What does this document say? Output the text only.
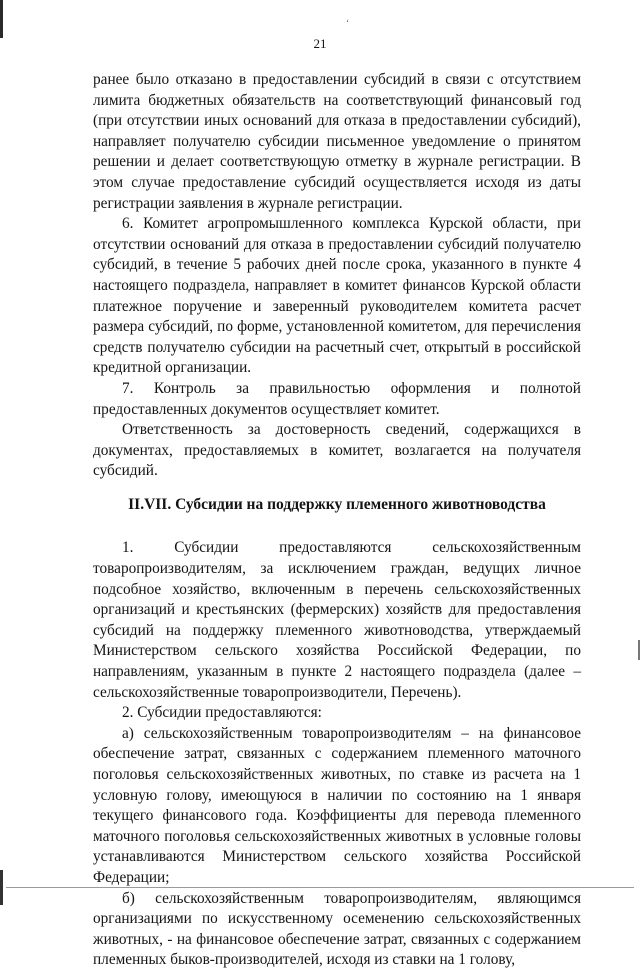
ʻ
21

ранее было отказано в предоставлении субсидий в связи с отсутствием лимита бюджетных обязательств на соответствующий финансовый год (при отсутствии иных оснований для отказа в предоставлении субсидий), направляет получателю субсидии письменное уведомление о принятом решении и делает соответствующую отметку в журнале регистрации. В этом случае предоставление субсидий осуществляется исходя из даты регистрации заявления в журнале регистрации.

6. Комитет агропромышленного комплекса Курской области, при отсутствии оснований для отказа в предоставлении субсидий получателю субсидий, в течение 5 рабочих дней после срока, указанного в пункте 4 настоящего подраздела, направляет в комитет финансов Курской области платежное поручение и заверенный руководителем комитета расчет размера субсидий, по форме, установленной комитетом, для перечисления средств получателю субсидии на расчетный счет, открытый в российской кредитной организации.

7. Контроль за правильностью оформления и полнотой предоставленных документов осуществляет комитет.

Ответственность за достоверность сведений, содержащихся в документах, предоставляемых в комитет, возлагается на получателя субсидий.

II.VII. Субсидии на поддержку племенного животноводства

1. Субсидии предоставляются сельскохозяйственным товаропроизводителям, за исключением граждан, ведущих личное подсобное хозяйство, включенным в перечень сельскохозяйственных организаций и крестьянских (фермерских) хозяйств для предоставления субсидий на поддержку племенного животноводства, утверждаемый Министерством сельского хозяйства Российской Федерации, по направлениям, указанным в пункте 2 настоящего подраздела (далее – сельскохозяйственные товаропроизводители, Перечень).

2. Субсидии предоставляются:

а) сельскохозяйственным товаропроизводителям – на финансовое обеспечение затрат, связанных с содержанием племенного маточного поголовья сельскохозяйственных животных, по ставке из расчета на 1 условную голову, имеющуюся в наличии по состоянию на 1 января текущего финансового года. Коэффициенты для перевода племенного маточного поголовья сельскохозяйственных животных в условные головы устанавливаются Министерством сельского хозяйства Российской Федерации;

б) сельскохозяйственным товаропроизводителям, являющимся организациями по искусственному осеменению сельскохозяйственных животных, - на финансовое обеспечение затрат, связанных с содержанием племенных быков-производителей, исходя из ставки на 1 голову,
